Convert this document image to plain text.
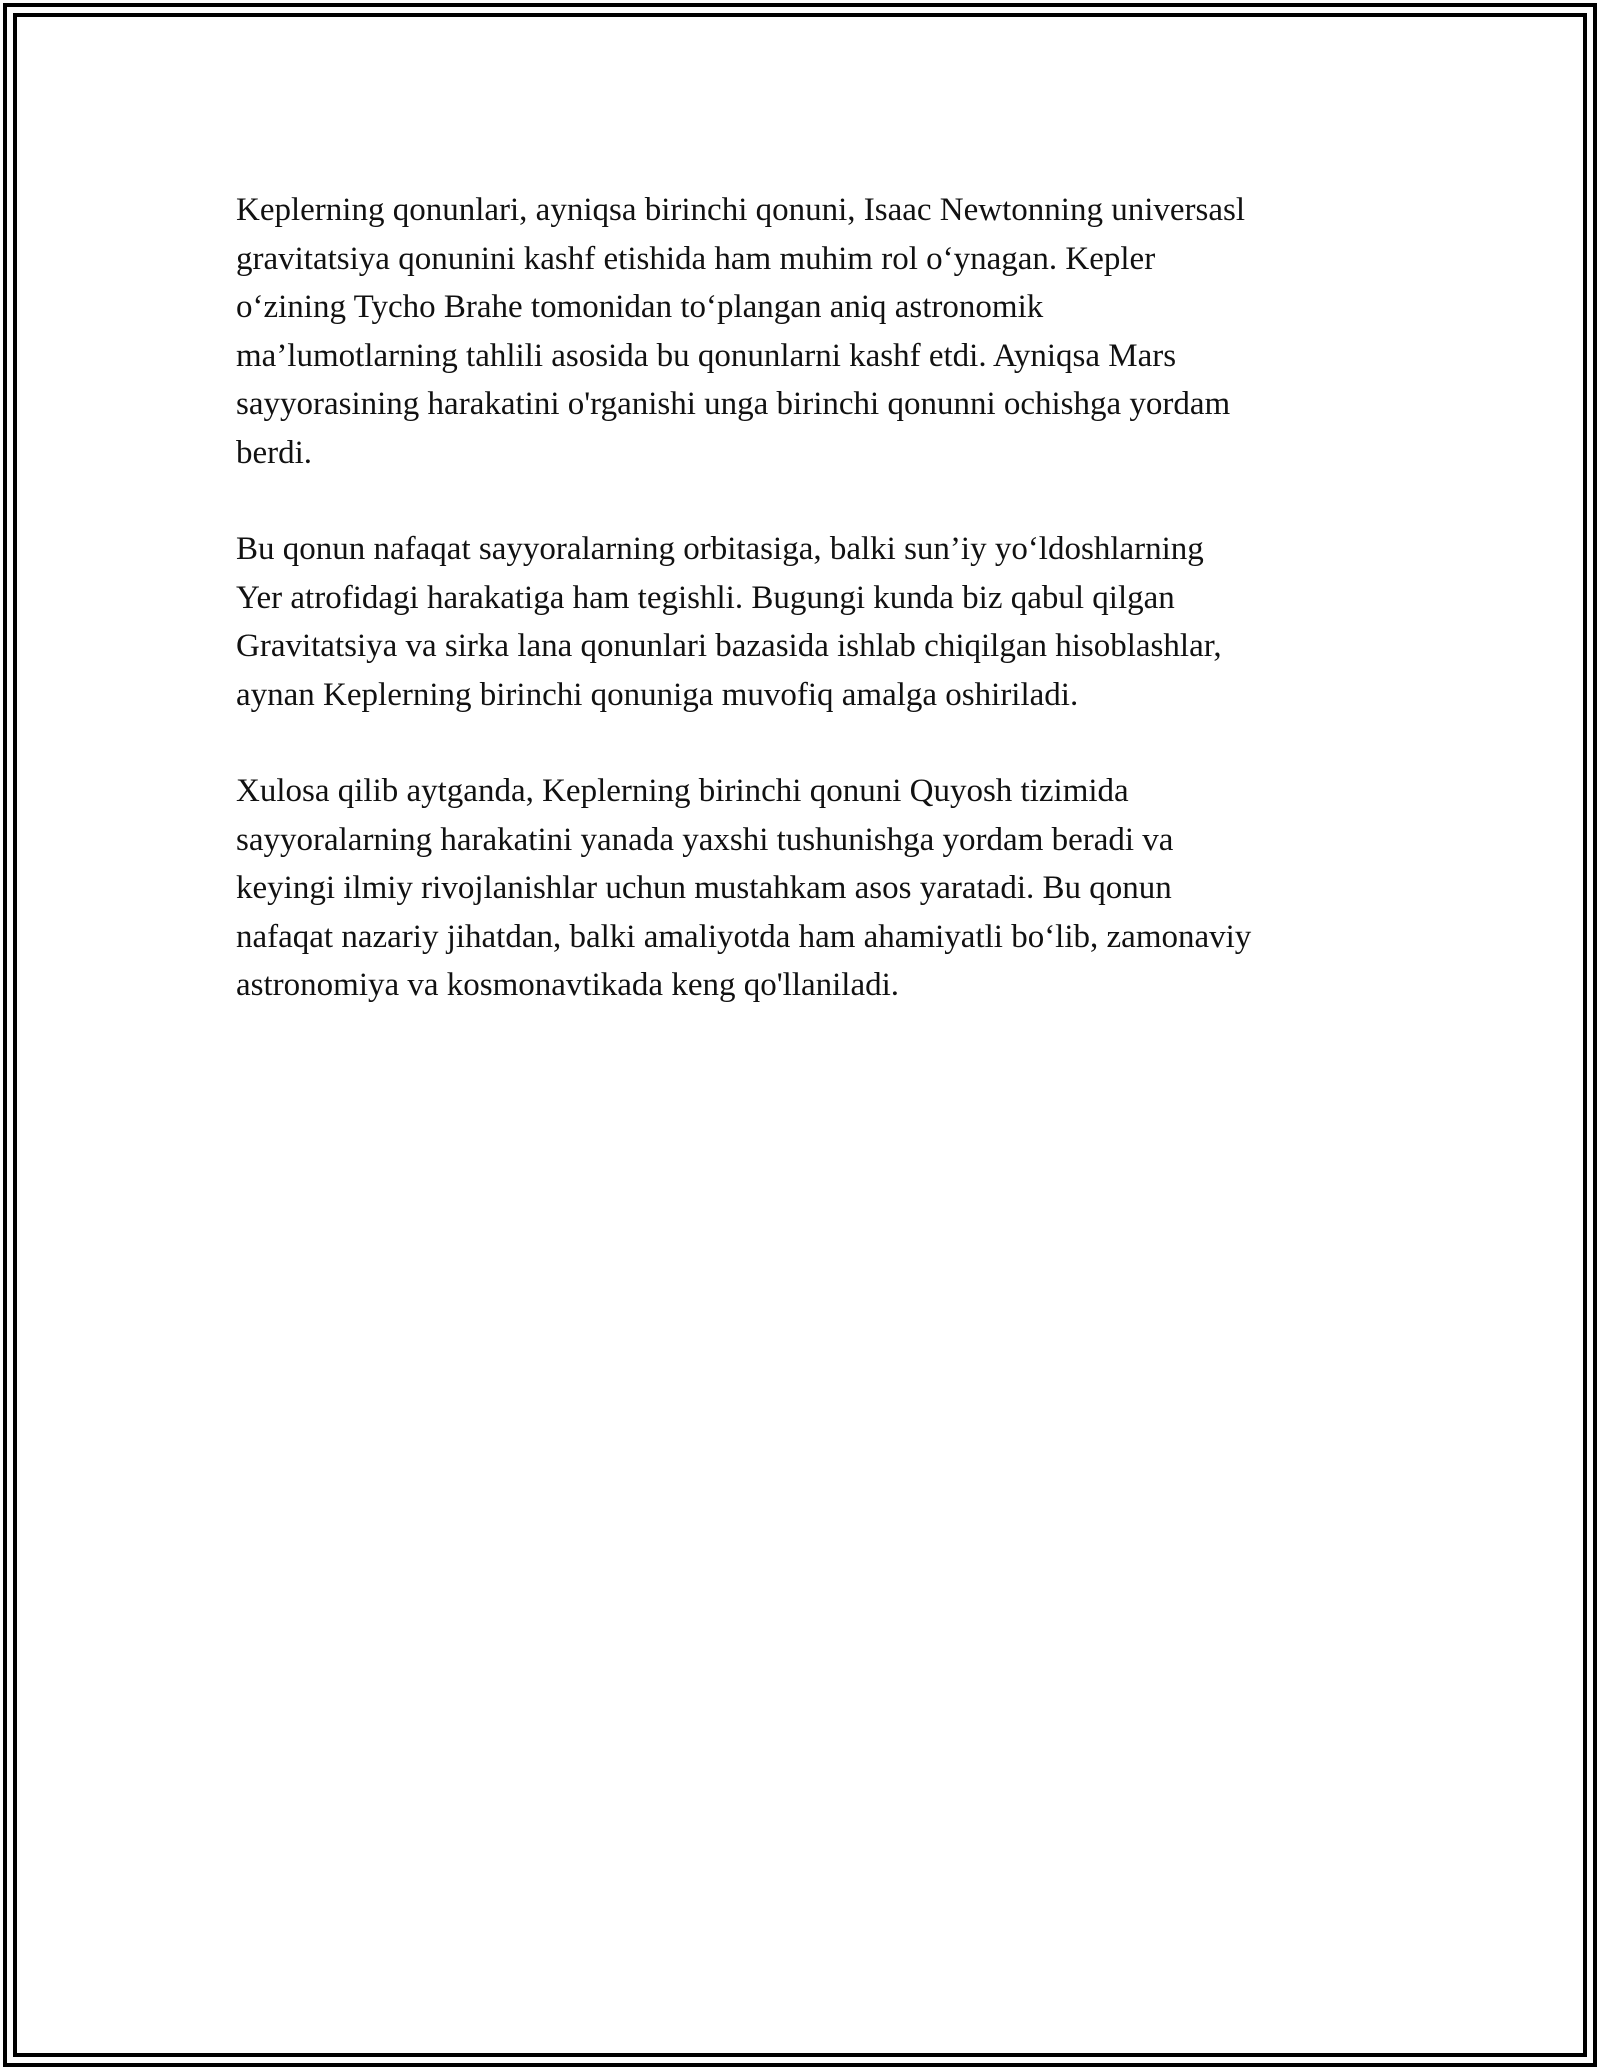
Keplerning qonunlari, ayniqsa birinchi qonuni, Isaac Newtonning universasl
gravitatsiya qonunini kashf etishida ham muhim rol o‘ynagan. Kepler
o‘zining Tycho Brahe tomonidan to‘plangan aniq astronomik
ma’lumotlarning tahlili asosida bu qonunlarni kashf etdi. Ayniqsa Mars
sayyorasining harakatini o'rganishi unga birinchi qonunni ochishga yordam
berdi.

Bu qonun nafaqat sayyoralarning orbitasiga, balki sun’iy yo‘ldoshlarning
Yer atrofidagi harakatiga ham tegishli. Bugungi kunda biz qabul qilgan
Gravitatsiya va sirka lana qonunlari bazasida ishlab chiqilgan hisoblashlar,
aynan Keplerning birinchi qonuniga muvofiq amalga oshiriladi.

Xulosa qilib aytganda, Keplerning birinchi qonuni Quyosh tizimida
sayyoralarning harakatini yanada yaxshi tushunishga yordam beradi va
keyingi ilmiy rivojlanishlar uchun mustahkam asos yaratadi. Bu qonun
nafaqat nazariy jihatdan, balki amaliyotda ham ahamiyatli bo‘lib, zamonaviy
astronomiya va kosmonavtikada keng qo'llaniladi.
